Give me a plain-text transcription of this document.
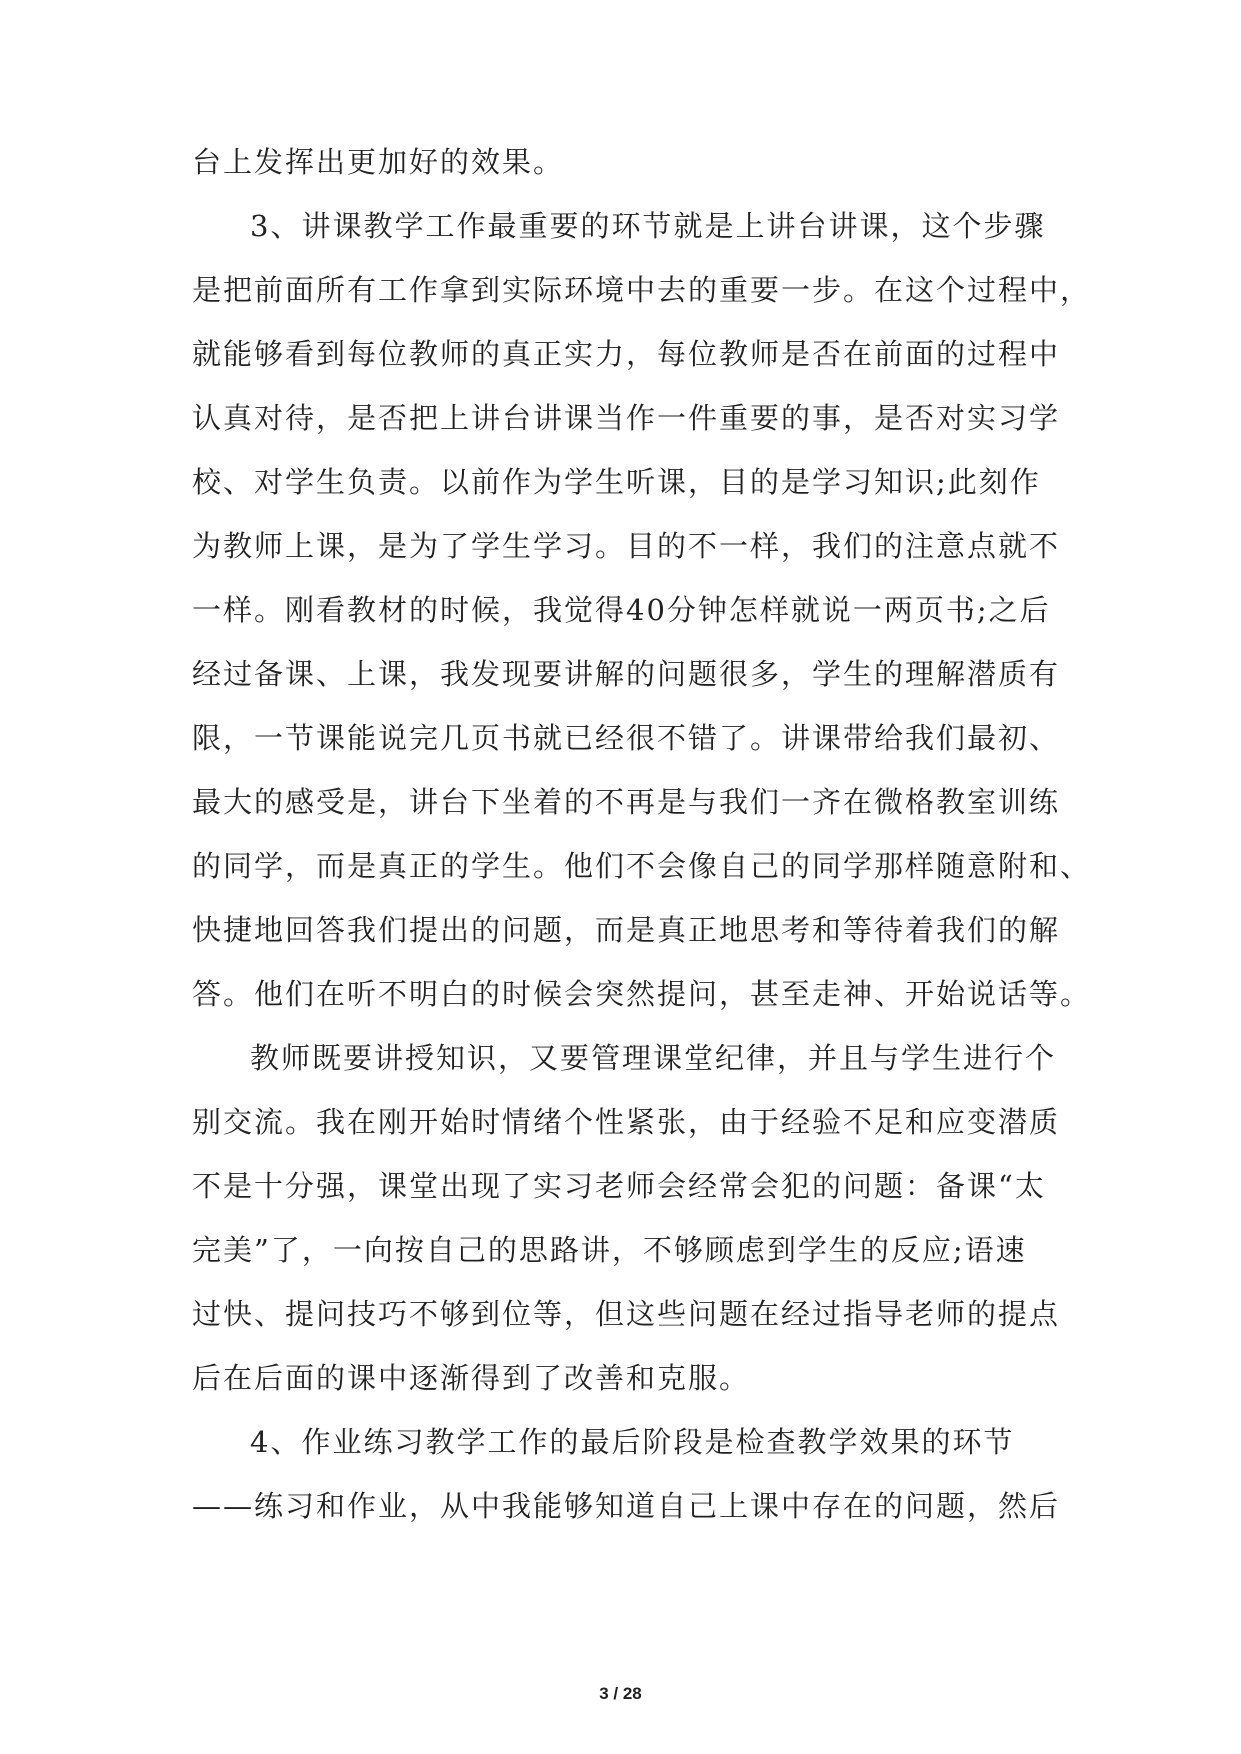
台上发挥出更加好的效果。

3、讲课教学工作最重要的环节就是上讲台讲课，这个步骤

是把前面所有工作拿到实际环境中去的重要一步。在这个过程中，

就能够看到每位教师的真正实力，每位教师是否在前面的过程中

认真对待，是否把上讲台讲课当作一件重要的事，是否对实习学

校、对学生负责。以前作为学生听课，目的是学习知识;此刻作

为教师上课，是为了学生学习。目的不一样，我们的注意点就不

一样。刚看教材的时候，我觉得40分钟怎样就说一两页书;之后

经过备课、上课，我发现要讲解的问题很多，学生的理解潜质有

限，一节课能说完几页书就已经很不错了。讲课带给我们最初、

最大的感受是，讲台下坐着的不再是与我们一齐在微格教室训练

的同学，而是真正的学生。他们不会像自己的同学那样随意附和、

快捷地回答我们提出的问题，而是真正地思考和等待着我们的解

答。他们在听不明白的时候会突然提问，甚至走神、开始说话等。

教师既要讲授知识，又要管理课堂纪律，并且与学生进行个

别交流。我在刚开始时情绪个性紧张，由于经验不足和应变潜质

不是十分强，课堂出现了实习老师会经常会犯的问题：备课“太

完美”了，一向按自己的思路讲，不够顾虑到学生的反应;语速

过快、提问技巧不够到位等，但这些问题在经过指导老师的提点

后在后面的课中逐渐得到了改善和克服。

4、作业练习教学工作的最后阶段是检查教学效果的环节

——练习和作业，从中我能够知道自己上课中存在的问题，然后

3 / 28
